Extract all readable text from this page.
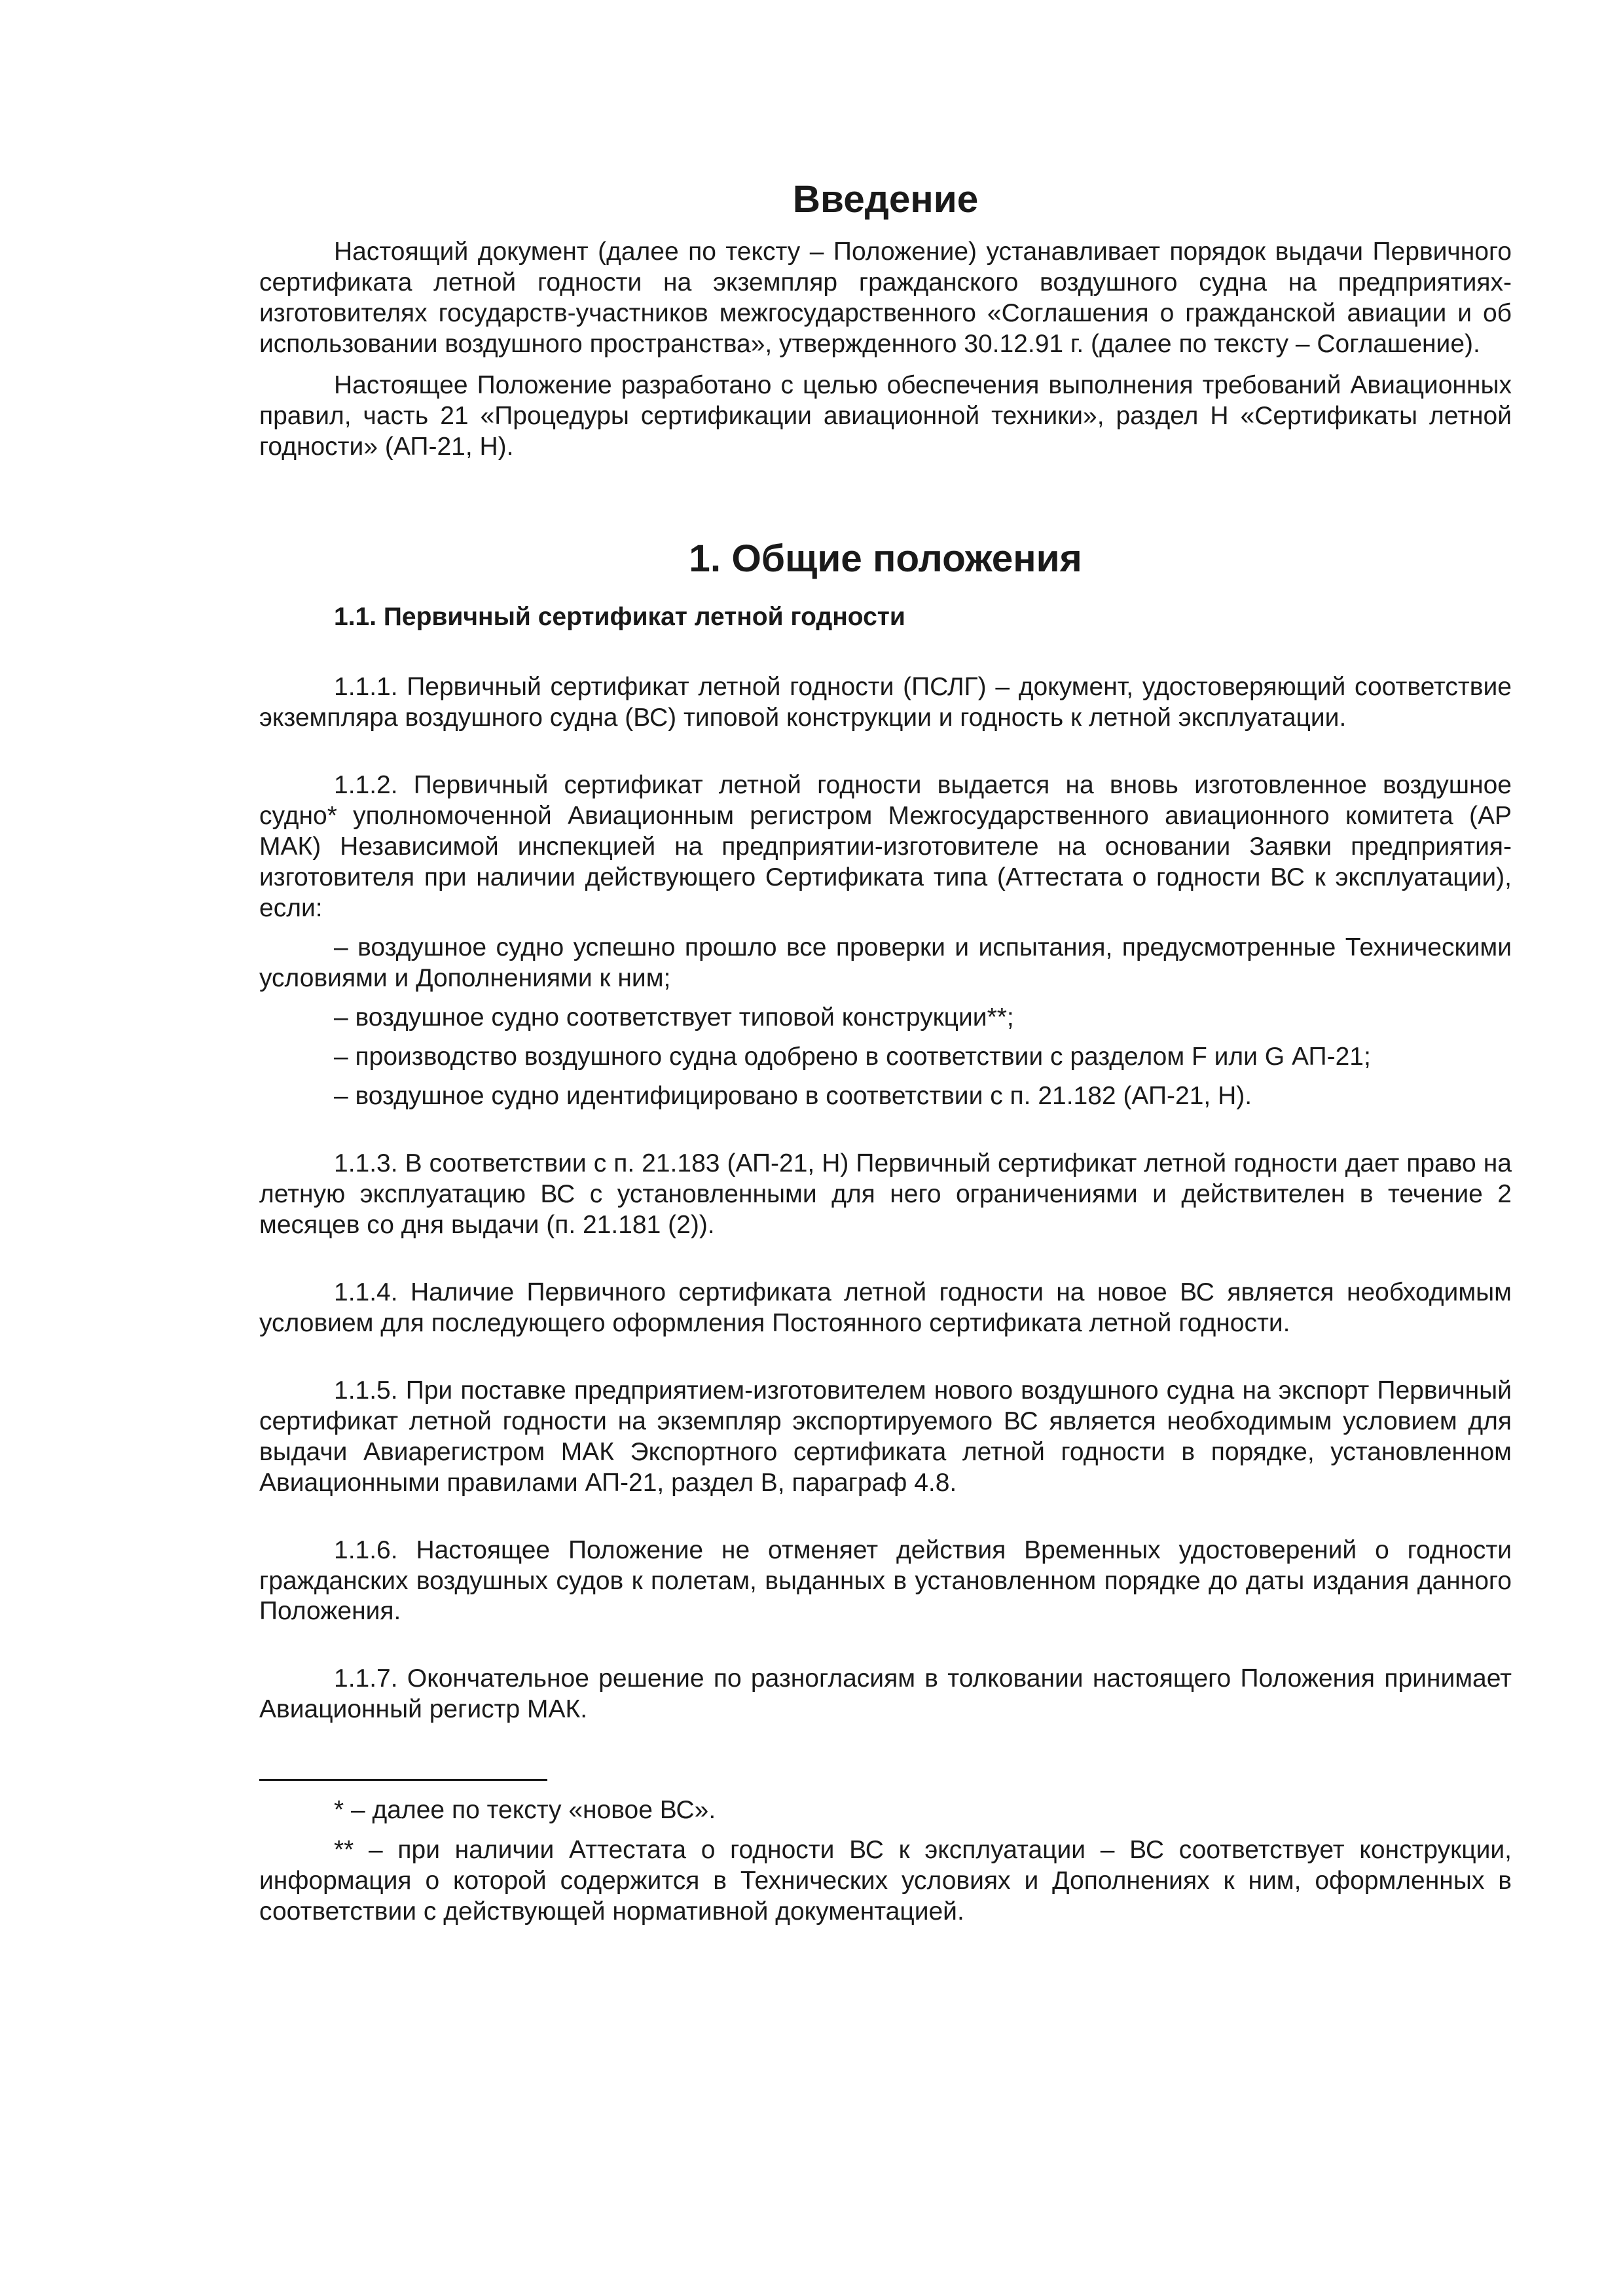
Введение

Настоящий документ (далее по тексту – Положение) устанавливает порядок выдачи Первичного сертификата летной годности на экземпляр гражданского воздушного судна на предприятиях-изготовителях государств-участников межгосударственного «Соглашения о гражданской авиации и об использовании воздушного пространства», утвержденного 30.12.91 г. (далее по тексту – Соглашение).

Настоящее Положение разработано с целью обеспечения выполнения требований Авиационных правил, часть 21 «Процедуры сертификации авиационной техники», раздел Н «Сертификаты летной годности» (АП-21, Н).

1. Общие положения
1.1. Первичный сертификат летной годности

1.1.1. Первичный сертификат летной годности (ПСЛГ) – документ, удостоверяющий соответствие экземпляра воздушного судна (ВС) типовой конструкции и годность к летной эксплуатации.

1.1.2. Первичный сертификат летной годности выдается на вновь изготовленное воздушное судно* уполномоченной Авиационным регистром Межгосударственного авиационного комитета (АР МАК) Независимой инспекцией на предприятии-изготовителе на основании Заявки предприятия-изготовителя при наличии действующего Сертификата типа (Аттестата о годности ВС к эксплуатации), если:

– воздушное судно успешно прошло все проверки и испытания, предусмотренные Техническими условиями и Дополнениями к ним;

– воздушное судно соответствует типовой конструкции**;

– производство воздушного судна одобрено в соответствии с разделом F или G АП-21;

– воздушное судно идентифицировано в соответствии с п. 21.182 (АП-21, Н).

1.1.3. В соответствии с п. 21.183 (АП-21, Н) Первичный сертификат летной годности дает право на летную эксплуатацию ВС с установленными для него ограничениями и действителен в течение 2 месяцев со дня выдачи (п. 21.181 (2)).

1.1.4. Наличие Первичного сертификата летной годности на новое ВС является необходимым условием для последующего оформления Постоянного сертификата летной годности.

1.1.5. При поставке предприятием-изготовителем нового воздушного судна на экспорт Первичный сертификат летной годности на экземпляр экспортируемого ВС является необходимым условием для выдачи Авиарегистром МАК Экспортного сертификата летной годности в порядке, установленном Авиационными правилами АП-21, раздел В, параграф 4.8.

1.1.6. Настоящее Положение не отменяет действия Временных удостоверений о годности гражданских воздушных судов к полетам, выданных в установленном порядке до даты издания данного Положения.

1.1.7. Окончательное решение по разногласиям в толковании настоящего Положения принимает Авиационный регистр МАК.

* – далее по тексту «новое ВС».

** – при наличии Аттестата о годности ВС к эксплуатации – ВС соответствует конструкции, информация о которой содержится в Технических условиях и Дополнениях к ним, оформленных в соответствии с действующей нормативной документацией.
